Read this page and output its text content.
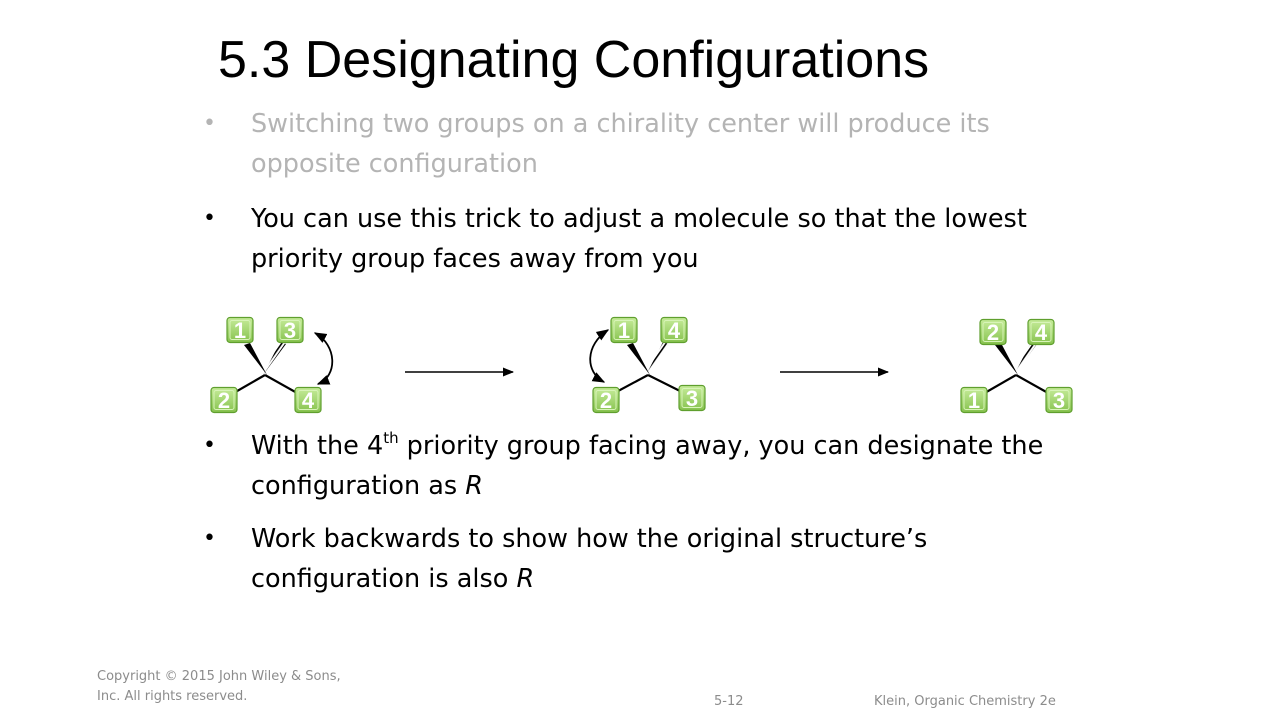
5.3 Designating Configurations
• Switching two groups on a chirality center will produce its opposite configuration
• You can use this trick to adjust a molecule so that the lowest priority group faces away from you
• With the 4th priority group facing away, you can designate the configuration as R
• Work backwards to show how the original structure’s configuration is also R
1 3
2	4
1 4
2	3
2 4
1	3
Copyright © 2015 John Wiley & Sons, Inc. All rights reserved.	5-12	Klein, Organic Chemistry 2e
